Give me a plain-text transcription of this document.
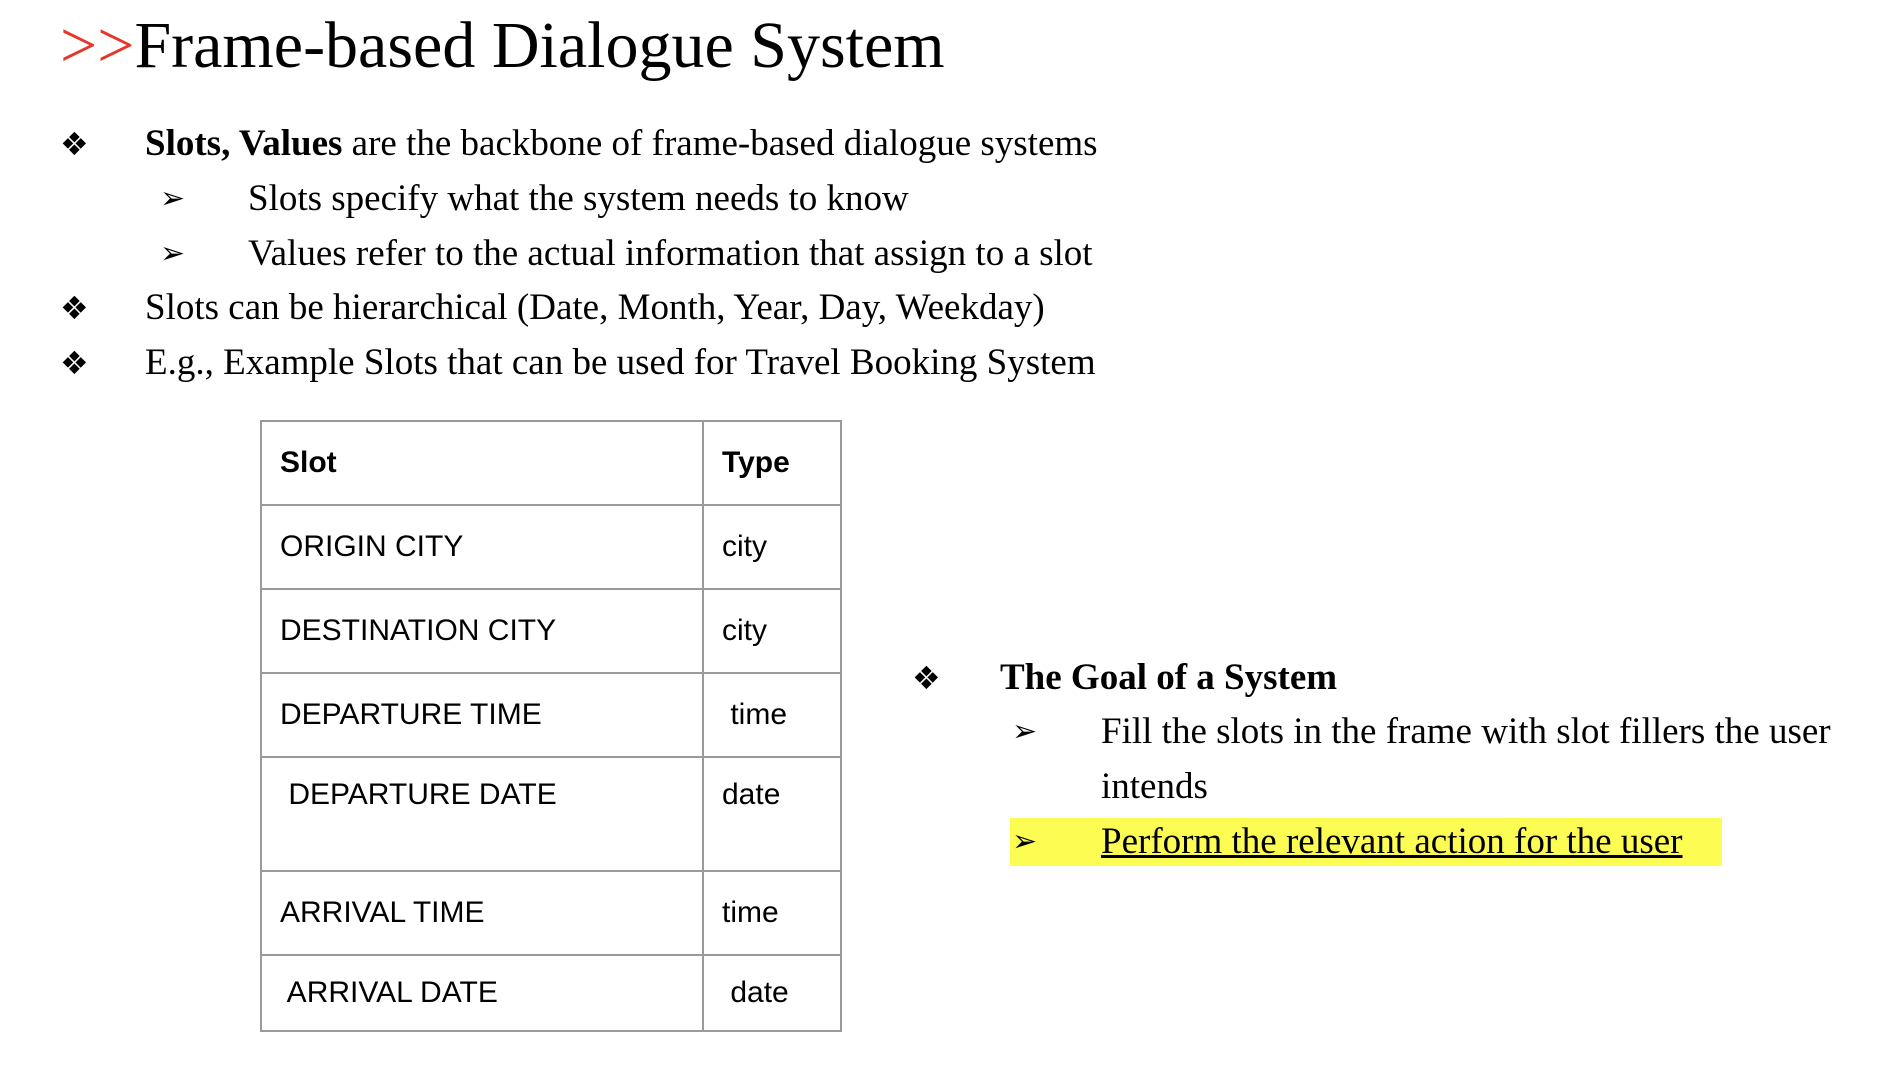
>>Frame-based Dialogue System
❖ Slots, Values are the backbone of frame-based dialogue systems
➢ Slots specify what the system needs to know
➢ Values refer to the actual information that assign to a slot
❖ Slots can be hierarchical (Date, Month, Year, Day, Weekday)
❖ E.g., Example Slots that can be used for Travel Booking System
Slot	Type
ORIGIN CITY	city
DESTINATION CITY	city
DEPARTURE TIME	time
DEPARTURE DATE	date
ARRIVAL TIME	time
ARRIVAL DATE	date
❖ The Goal of a System
➢ Fill the slots in the frame with slot fillers the user
intends
➢ Perform the relevant action for the user
